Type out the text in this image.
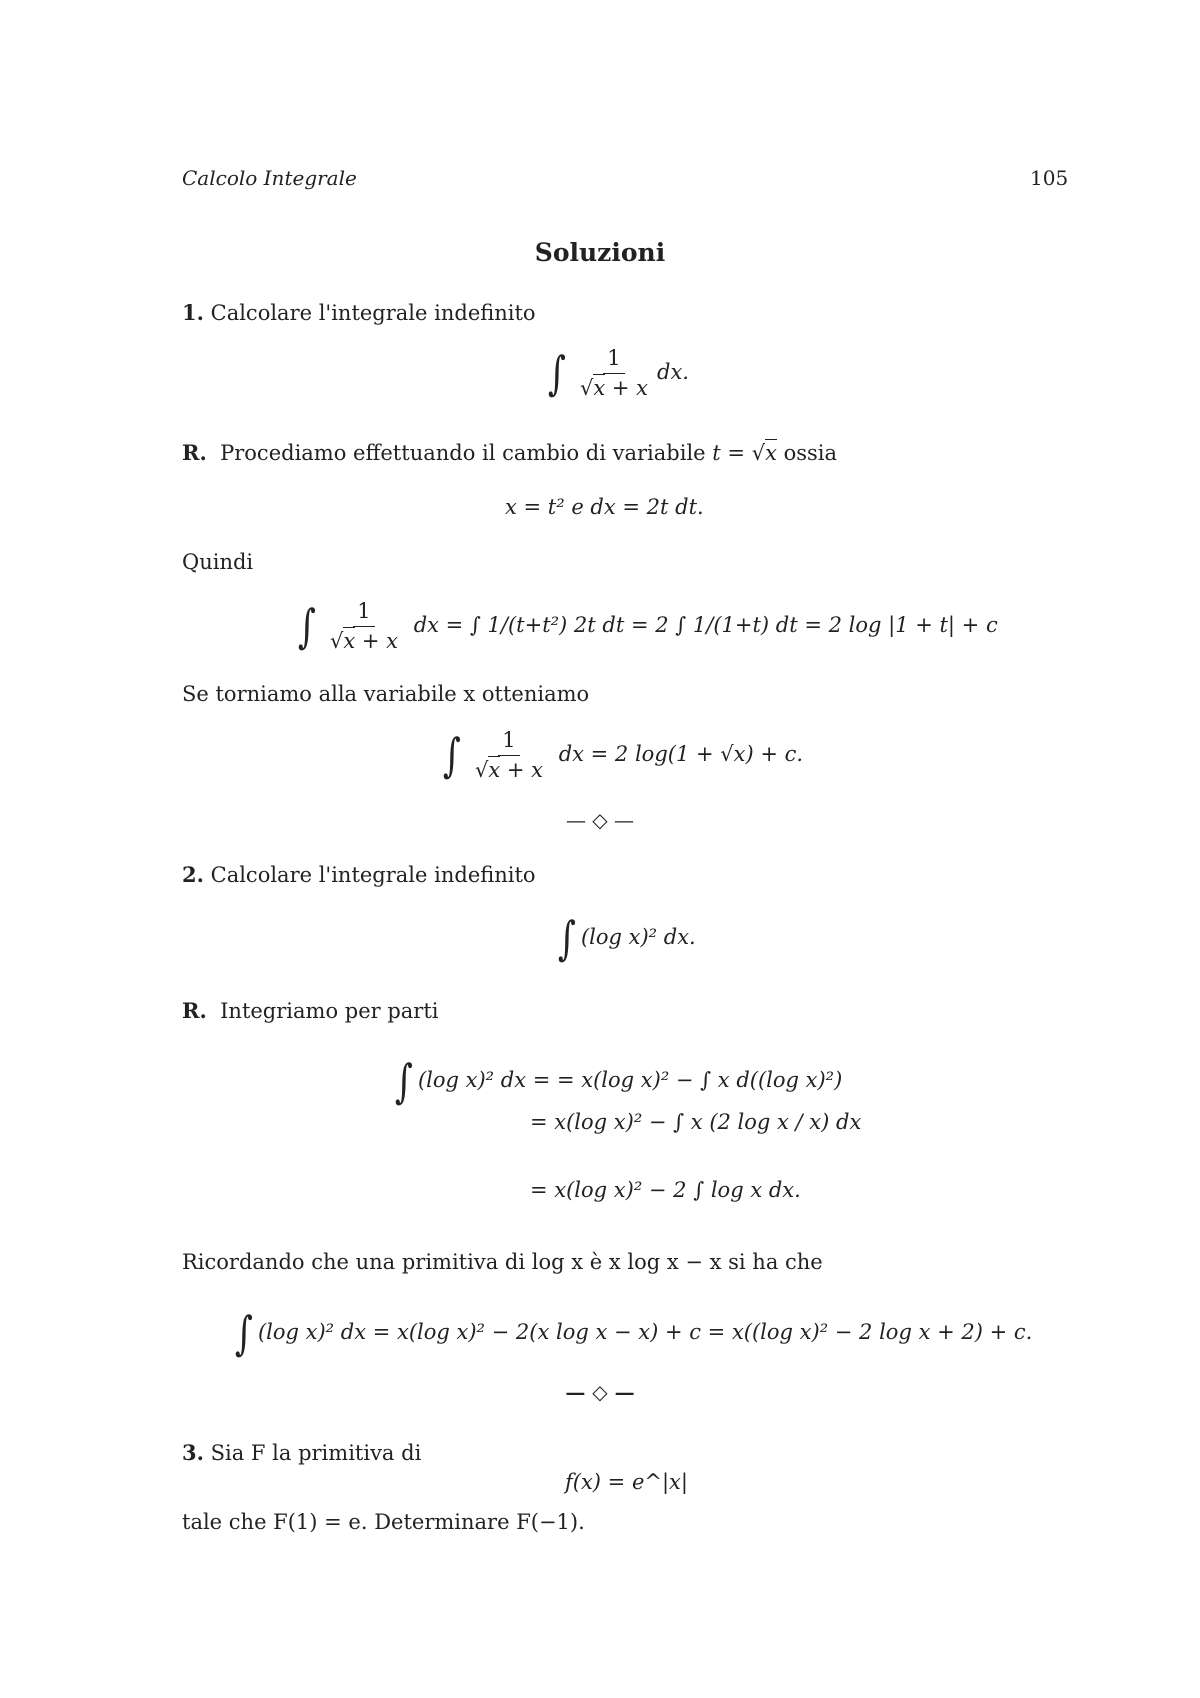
Calcolo Integrale	105
Soluzioni
1. Calcolare l'integrale indefinito
∫ $\frac{1}{√x + x}$ dx.
R. Procediamo effettuando il cambio di variabile t = √x ossia
x = t² e dx = 2t dt.
Quindi
∫ $\frac{1}{√x + x}$ dx = ∫ 1/(t+t²) 2t dt = 2 ∫ 1/(1+t) dt = 2 log |1 + t| + c
Se torniamo alla variabile x otteniamo
∫ $\frac{1}{√x + x}$ dx = 2 log(1 + √x) + c.
— ◇ —
2. Calcolare l'integrale indefinito
∫ (log x)² dx.
R. Integriamo per parti
∫ (log x)² dx = = x(log x)² − ∫ x d((log x)²)
= x(log x)² − ∫ x (2 log x / x) dx
= x(log x)² − 2 ∫ log x dx.
Ricordando che una primitiva di log x è x log x − x si ha che
∫ (log x)² dx = x(log x)² − 2(x log x − x) + c = x((log x)² − 2 log x + 2) + c.
— ◇ —
3. Sia F la primitiva di
f(x) = e^|x|
tale che F(1) = e. Determinare F(−1).
